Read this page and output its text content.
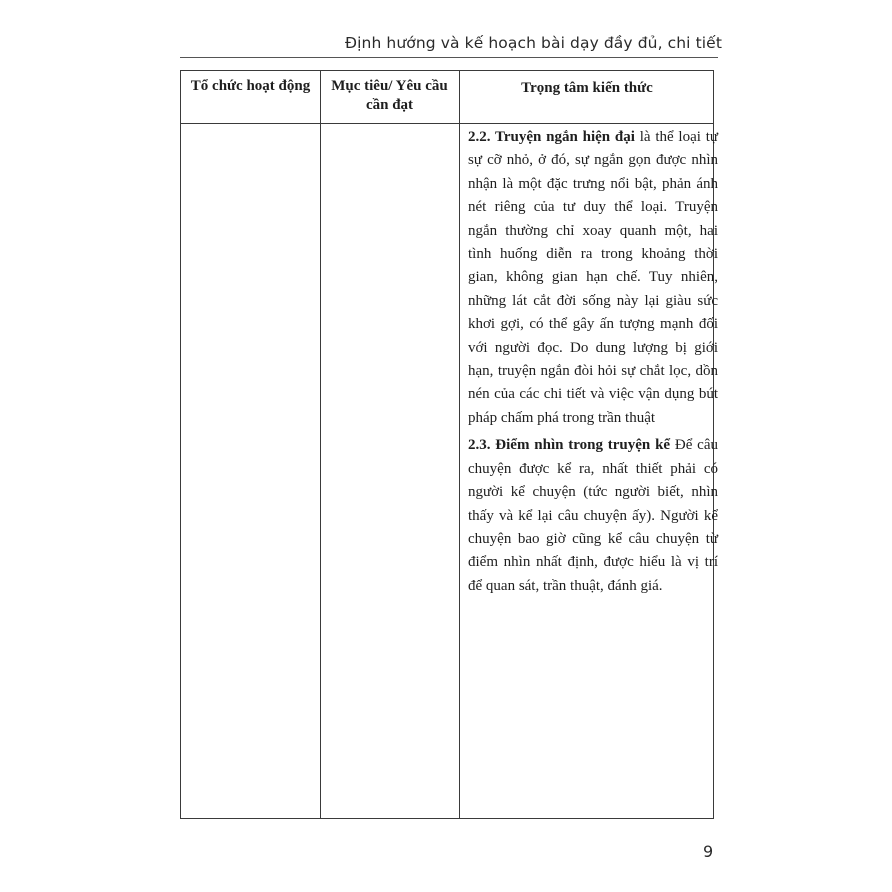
Định hướng và kế hoạch bài dạy đầy đủ, chi tiết
Tổ chức hoạt động	Mục tiêu/ Yêu cầu cần đạt
Trọng tâm kiến thức

2.2. Truyện ngắn hiện đại là thể loại tự sự cỡ nhỏ, ở đó, sự ngắn gọn được nhìn nhận là một đặc trưng nổi bật, phản ánh nét riêng của tư duy thể loại. Truyện ngắn thường chỉ xoay quanh một, hai tình huống diễn ra trong khoảng thời gian, không gian hạn chế. Tuy nhiên, những lát cắt đời sống này lại giàu sức khơi gợi, có thể gây ấn tượng mạnh đối với người đọc. Do dung lượng bị giới hạn, truyện ngắn đòi hỏi sự chắt lọc, dồn nén của các chi tiết và việc vận dụng bút pháp chấm phá trong trần thuật

2.3. Điểm nhìn trong truyện kể Để câu chuyện được kể ra, nhất thiết phải có người kể chuyện (tức người biết, nhìn thấy và kể lại câu chuyện ấy). Người kể chuyện bao giờ cũng kể câu chuyện từ điểm nhìn nhất định, được hiểu là vị trí để quan sát, trần thuật, đánh giá.

9
